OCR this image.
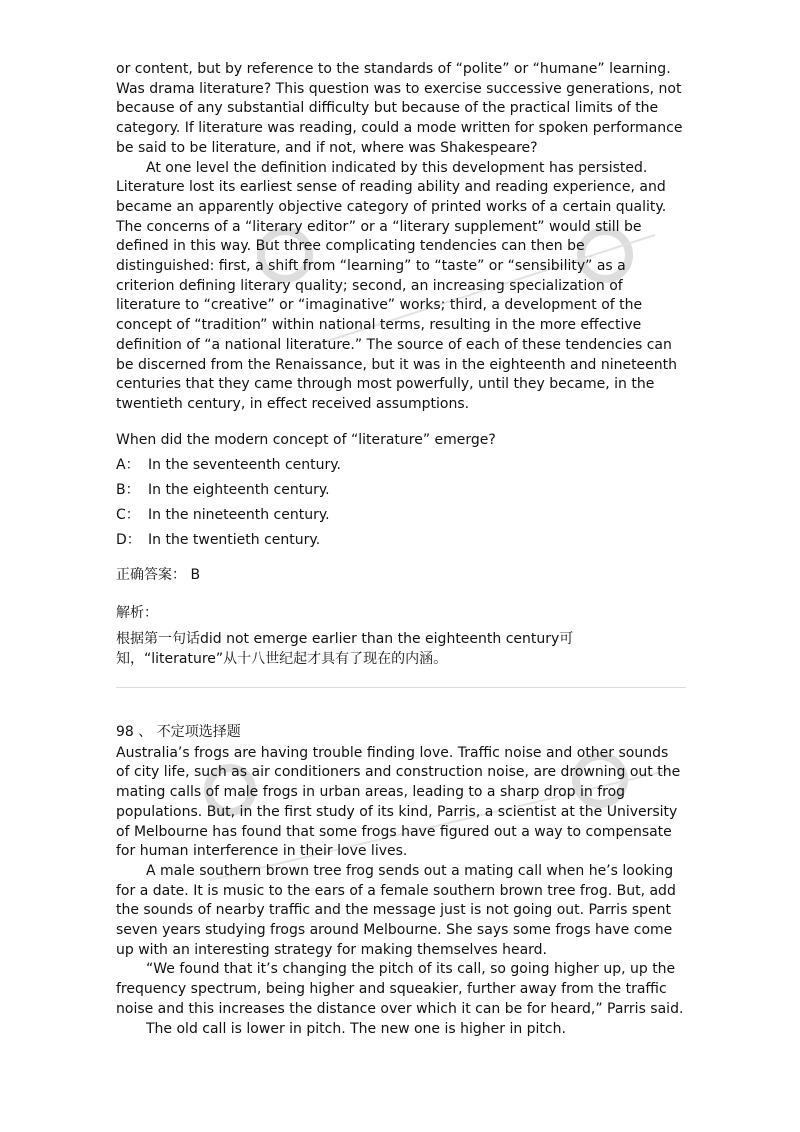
or content, but by reference to the standards of “polite” or “humane” learning. Was drama literature? This question was to exercise successive generations, not because of any substantial difficulty but because of the practical limits of the category. If literature was reading, could a mode written for spoken performance be said to be literature, and if not, where was Shakespeare?

At one level the definition indicated by this development has persisted. Literature lost its earliest sense of reading ability and reading experience, and became an apparently objective category of printed works of a certain quality. The concerns of a “literary editor” or a “literary supplement” would still be defined in this way. But three complicating tendencies can then be distinguished: first, a shift from “learning” to “taste” or “sensibility” as a criterion defining literary quality; second, an increasing specialization of literature to “creative” or “imaginative” works; third, a development of the concept of “tradition” within national terms, resulting in the more effective definition of “a national literature.” The source of each of these tendencies can be discerned from the Renaissance, but it was in the eighteenth and nineteenth centuries that they came through most powerfully, until they became, in the twentieth century, in effect received assumptions.

When did the modern concept of “literature” emerge?
A： In the seventeenth century.
B： In the eighteenth century.
C： In the nineteenth century.
D： In the twentieth century.
正确答案： B
解析：
根据第一句话did not emerge earlier than the eighteenth century可知，“literature”从十八世纪起才具有了现在的内涵。
98 、 不定项选择题

Australia’s frogs are having trouble finding love. Traffic noise and other sounds of city life, such as air conditioners and construction noise, are drowning out the mating calls of male frogs in urban areas, leading to a sharp drop in frog populations. But, in the first study of its kind, Parris, a scientist at the University of Melbourne has found that some frogs have figured out a way to compensate for human interference in their love lives.

A male southern brown tree frog sends out a mating call when he’s looking for a date. It is music to the ears of a female southern brown tree frog. But, add the sounds of nearby traffic and the message just is not going out. Parris spent seven years studying frogs around Melbourne. She says some frogs have come up with an interesting strategy for making themselves heard.

“We found that it’s changing the pitch of its call, so going higher up, up the frequency spectrum, being higher and squeakier, further away from the traffic noise and this increases the distance over which it can be for heard,” Parris said.

The old call is lower in pitch. The new one is higher in pitch.
